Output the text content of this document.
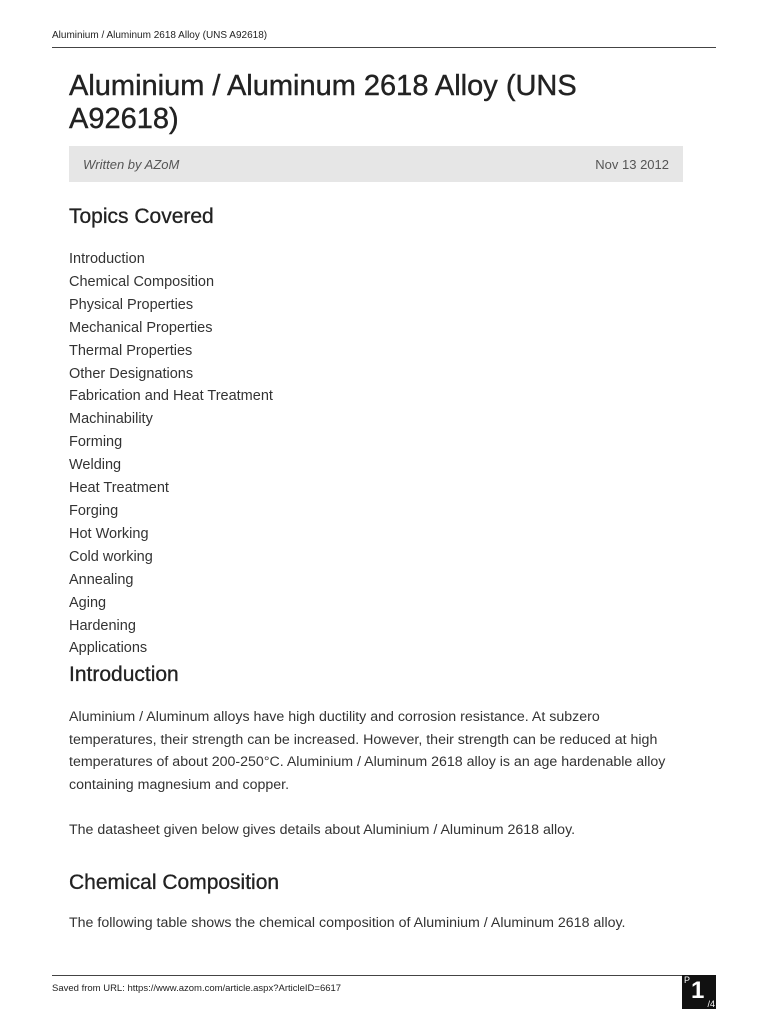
Aluminium / Aluminum 2618 Alloy (UNS A92618)
Aluminium / Aluminum 2618 Alloy (UNS A92618)
Written by AZoM	Nov 13 2012
Topics Covered
Introduction
Chemical Composition
Physical Properties
Mechanical Properties
Thermal Properties
Other Designations
Fabrication and Heat Treatment
Machinability
Forming
Welding
Heat Treatment
Forging
Hot Working
Cold working
Annealing
Aging
Hardening
Applications
Introduction

Aluminium / Aluminum alloys have high ductility and corrosion resistance. At subzero temperatures, their strength can be increased. However, their strength can be reduced at high temperatures of about 200-250°C. Aluminium / Aluminum 2618 alloy is an age hardenable alloy containing magnesium and copper.

The datasheet given below gives details about Aluminium / Aluminum 2618 alloy.

Chemical Composition

The following table shows the chemical composition of Aluminium / Aluminum 2618 alloy.

Saved from URL: https://www.azom.com/article.aspx?ArticleID=6617
P 1 /4
